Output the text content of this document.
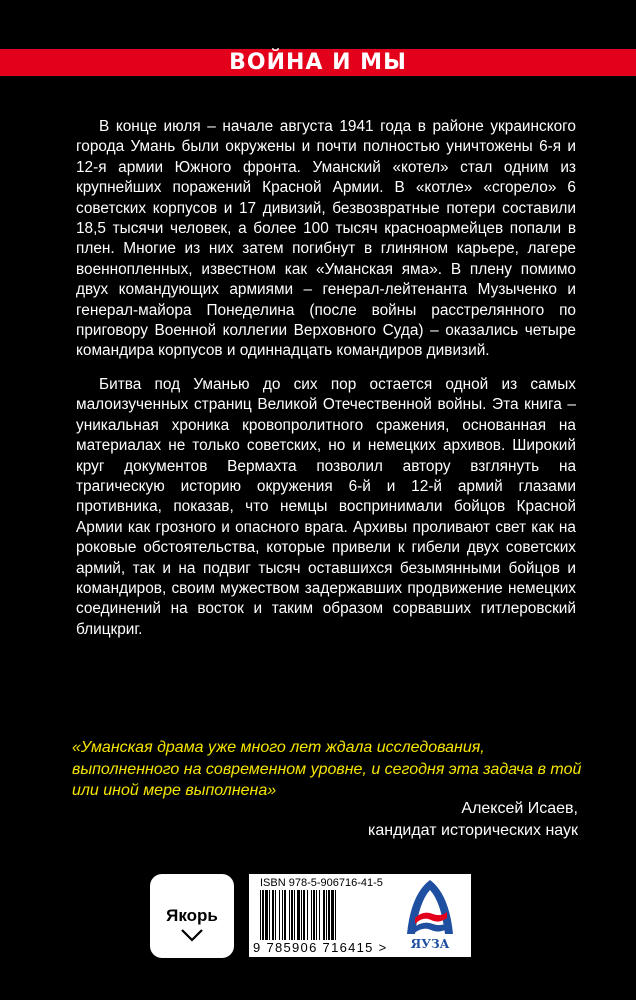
ВОЙНА И МЫ

В конце июля – начале августа 1941 года в районе украинского города Умань были окружены и почти полностью уничтожены 6-я и 12-я армии Южного фронта. Уманский «котел» стал одним из крупнейших поражений Красной Армии. В «котле» «сгорело» 6 советских корпусов и 17 дивизий, безвозвратные потери составили 18,5 тысячи человек, а более 100 тысяч красноармейцев попали в плен. Многие из них затем погибнут в глиняном карьере, лагере военнопленных, известном как «Уманская яма». В плену помимо двух командующих армиями – генерал-лейтенанта Музыченко и генерал-майора Понеделина (после войны расстрелянного по приговору Военной коллегии Верховного Суда) – оказались четыре командира корпусов и одиннадцать командиров дивизий.

Битва под Уманью до сих пор остается одной из самых малоизученных страниц Великой Отечественной войны. Эта книга – уникальная хроника кровопролитного сражения, основанная на материалах не только советских, но и немецких архивов. Широкий круг документов Вермахта позволил автору взглянуть на трагическую историю окружения 6-й и 12-й армий глазами противника, показав, что немцы воспринимали бойцов Красной Армии как грозного и опасного врага. Архивы проливают свет как на роковые обстоятельства, которые привели к гибели двух советских армий, так и на подвиг тысяч оставшихся безымянными бойцов и командиров, своим мужеством задержавших продвижение немецких соединений на восток и таким образом сорвавших гитлеровский блицкриг.

«Уманская драма уже много лет ждала исследования, выполненного на современном уровне, и сегодня эта задача в той или иной мере выполнена»
Алексей Исаев,
кандидат исторических наук
Якорь
ISBN 978-5-906716-41-5
9 785906 716415 >	ЯУЗА
